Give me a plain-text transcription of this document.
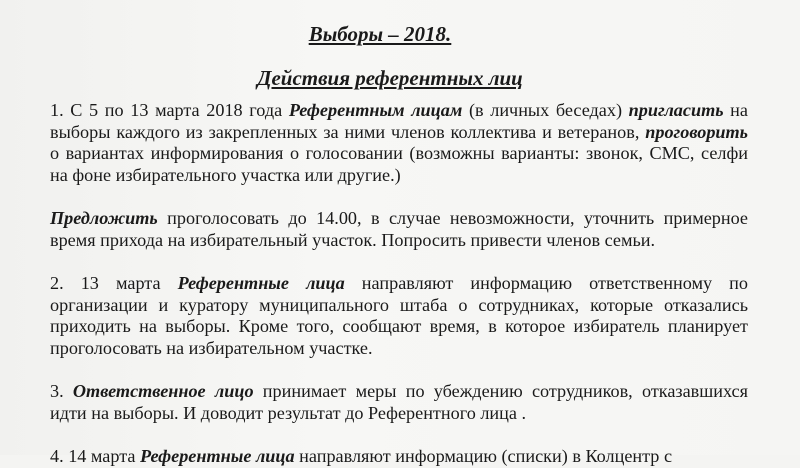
Выборы – 2018.
Действия референтных лиц

1. С 5 по 13 марта 2018 года Референтным лицам (в личных беседах) пригласить на выборы каждого из закрепленных за ними членов коллектива и ветеранов, проговорить о вариантах информирования о голосовании (возможны варианты: звонок, СМС, селфи на фоне избирательного участка или другие.)

Предложить проголосовать до 14.00, в случае невозможности, уточнить примерное время прихода на избирательный участок. Попросить привести членов семьи.

2. 13 марта Референтные лица направляют информацию ответственному по организации и куратору муниципального штаба о сотрудниках, которые отказались приходить на выборы. Кроме того, сообщают время, в которое избиратель планирует проголосовать на избирательном участке.

3. Ответственное лицо принимает меры по убеждению сотрудников, отказавшихся идти на выборы. И доводит результат до Референтного лица .

4. 14 марта Референтные лица направляют информацию (списки) в Колцентр с
